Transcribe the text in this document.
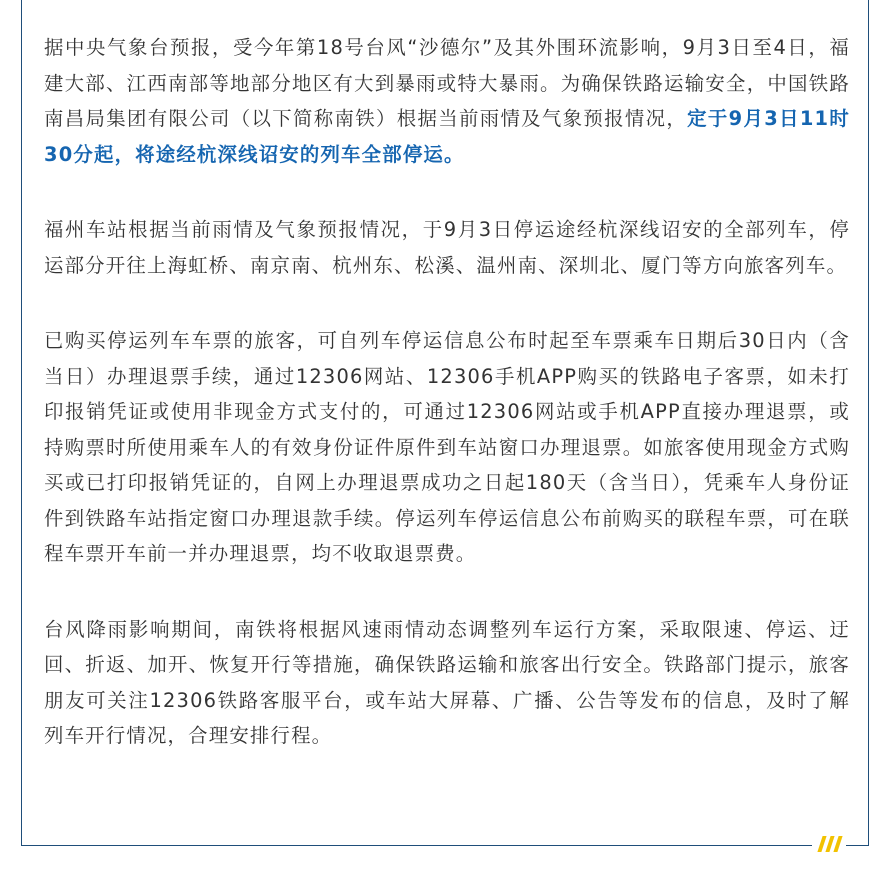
据中央气象台预报，受今年第18号台风“沙德尔”及其外围环流影响，9月3日至4日，福建大部、江西南部等地部分地区有大到暴雨或特大暴雨。为确保铁路运输安全，中国铁路南昌局集团有限公司（以下简称南铁）根据当前雨情及气象预报情况，定于9月3日11时30分起，将途经杭深线诏安的列车全部停运。

福州车站根据当前雨情及气象预报情况，于9月3日停运途经杭深线诏安的全部列车，停运部分开往上海虹桥、南京南、杭州东、松溪、温州南、深圳北、厦门等方向旅客列车。

已购买停运列车车票的旅客，可自列车停运信息公布时起至车票乘车日期后30日内（含当日）办理退票手续，通过12306网站、12306手机APP购买的铁路电子客票，如未打印报销凭证或使用非现金方式支付的，可通过12306网站或手机APP直接办理退票，或持购票时所使用乘车人的有效身份证件原件到车站窗口办理退票。如旅客使用现金方式购买或已打印报销凭证的，自网上办理退票成功之日起180天（含当日），凭乘车人身份证件到铁路车站指定窗口办理退款手续。停运列车停运信息公布前购买的联程车票，可在联程车票开车前一并办理退票，均不收取退票费。

台风降雨影响期间，南铁将根据风速雨情动态调整列车运行方案，采取限速、停运、迂回、折返、加开、恢复开行等措施，确保铁路运输和旅客出行安全。铁路部门提示，旅客朋友可关注12306铁路客服平台，或车站大屏幕、广播、公告等发布的信息，及时了解列车开行情况，合理安排行程。
